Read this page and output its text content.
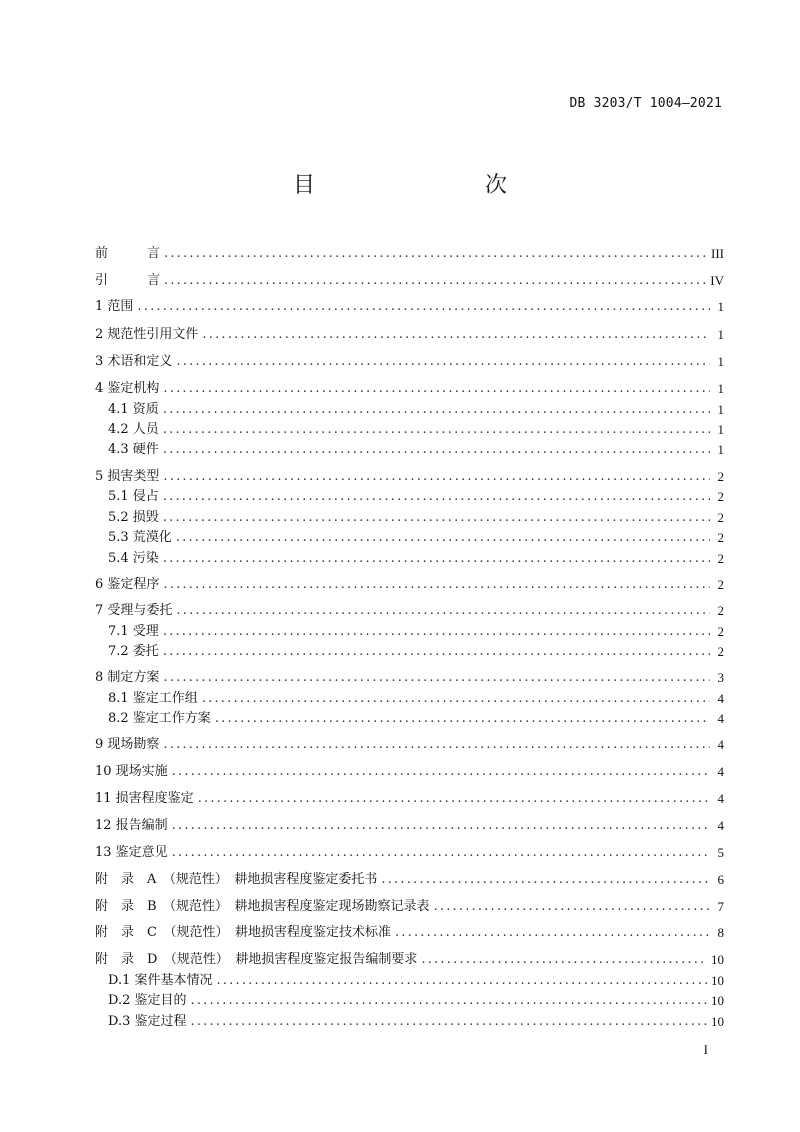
DB 3203/T 1004—2021
目　　次
前　　　言 .....	III
引　　　言 .....	IV
1 范围 .....	1
2 规范性引用文件 .....	1
3 术语和定义 .....	1
4 鉴定机构 .....	1
4.1 资质 .....	1
4.2 人员 .....	1
4.3 硬件 .....	1
5 损害类型 .....	2
5.1 侵占 .....	2
5.2 损毁 .....	2
5.3 荒漠化 .....	2
5.4 污染 .....	2
6 鉴定程序 .....	2
7 受理与委托 .....	2
7.1 受理 .....	2
7.2 委托 .....	2
8 制定方案 .....	3
8.1 鉴定工作组 .....	4
8.2 鉴定工作方案 .....	4
9 现场勘察 .....	4
10 现场实施 .....	4
11 损害程度鉴定 .....	4
12 报告编制 .....	4
13 鉴定意见 .....	5
附　录　A　（规范性）　耕地损害程度鉴定委托书 .....	6
附　录　B　（规范性）　耕地损害程度鉴定现场勘察记录表 .....	7
附　录　C　（规范性）　耕地损害程度鉴定技术标准 .....	8
附　录　D　（规范性）　耕地损害程度鉴定报告编制要求 .....	10
D.1 案件基本情况 .....	10
D.2 鉴定目的 .....	10
D.3 鉴定过程 .....	10
I
